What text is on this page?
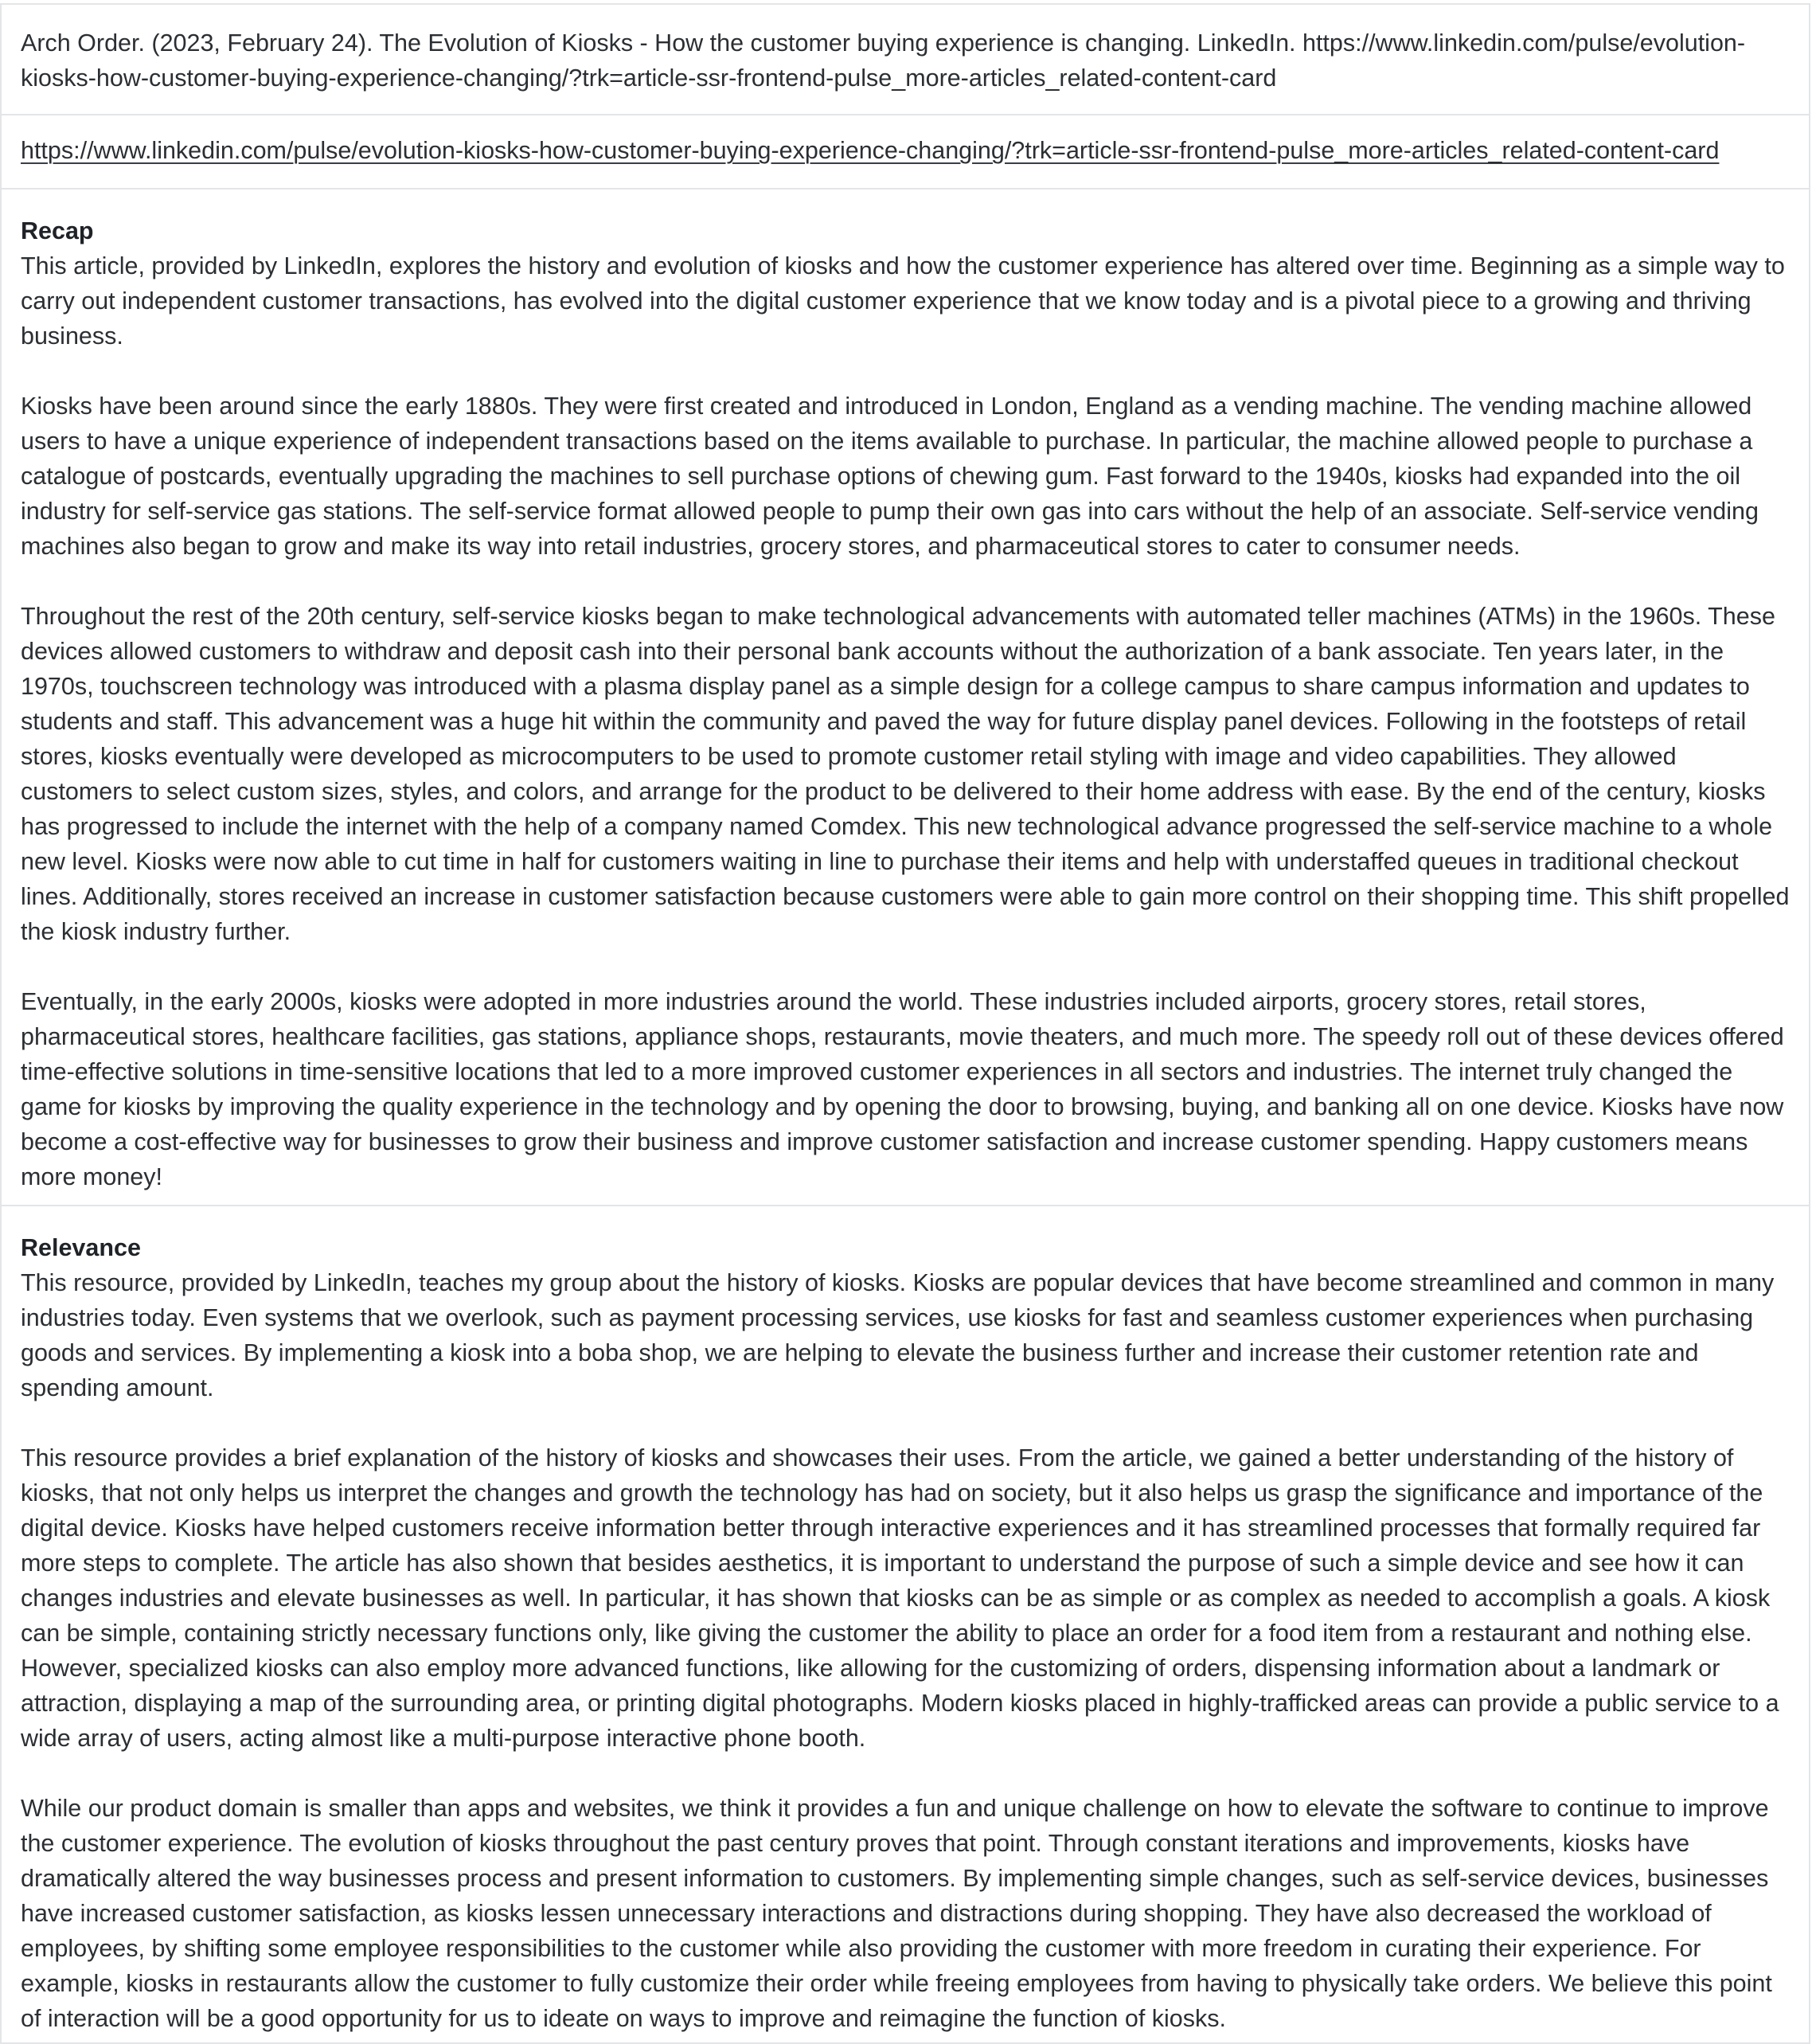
Arch Order. (2023, February 24). The Evolution of Kiosks - How the customer buying experience is changing. LinkedIn. https://www.linkedin.com/pulse/evolution-kiosks-how-customer-buying-experience-changing/?trk=article-ssr-frontend-pulse_more-articles_related-content-card
https://www.linkedin.com/pulse/evolution-kiosks-how-customer-buying-experience-changing/?trk=article-ssr-frontend-pulse_more-articles_related-content-card
Recap

This article, provided by LinkedIn, explores the history and evolution of kiosks and how the customer experience has altered over time. Beginning as a simple way to carry out independent customer transactions, has evolved into the digital customer experience that we know today and is a pivotal piece to a growing and thriving business.

Kiosks have been around since the early 1880s. They were first created and introduced in London, England as a vending machine. The vending machine allowed users to have a unique experience of independent transactions based on the items available to purchase. In particular, the machine allowed people to purchase a catalogue of postcards, eventually upgrading the machines to sell purchase options of chewing gum. Fast forward to the 1940s, kiosks had expanded into the oil industry for self-service gas stations. The self-service format allowed people to pump their own gas into cars without the help of an associate. Self-service vending machines also began to grow and make its way into retail industries, grocery stores, and pharmaceutical stores to cater to consumer needs.

Throughout the rest of the 20th century, self-service kiosks began to make technological advancements with automated teller machines (ATMs) in the 1960s. These devices allowed customers to withdraw and deposit cash into their personal bank accounts without the authorization of a bank associate. Ten years later, in the 1970s, touchscreen technology was introduced with a plasma display panel as a simple design for a college campus to share campus information and updates to students and staff. This advancement was a huge hit within the community and paved the way for future display panel devices. Following in the footsteps of retail stores, kiosks eventually were developed as microcomputers to be used to promote customer retail styling with image and video capabilities. They allowed customers to select custom sizes, styles, and colors, and arrange for the product to be delivered to their home address with ease. By the end of the century, kiosks has progressed to include the internet with the help of a company named Comdex. This new technological advance progressed the self-service machine to a whole new level. Kiosks were now able to cut time in half for customers waiting in line to purchase their items and help with understaffed queues in traditional checkout lines. Additionally, stores received an increase in customer satisfaction because customers were able to gain more control on their shopping time. This shift propelled the kiosk industry further.

Eventually, in the early 2000s, kiosks were adopted in more industries around the world. These industries included airports, grocery stores, retail stores, pharmaceutical stores, healthcare facilities, gas stations, appliance shops, restaurants, movie theaters, and much more. The speedy roll out of these devices offered time-effective solutions in time-sensitive locations that led to a more improved customer experiences in all sectors and industries. The internet truly changed the game for kiosks by improving the quality experience in the technology and by opening the door to browsing, buying, and banking all on one device. Kiosks have now become a cost-effective way for businesses to grow their business and improve customer satisfaction and increase customer spending. Happy customers means more money!

Relevance

This resource, provided by LinkedIn, teaches my group about the history of kiosks. Kiosks are popular devices that have become streamlined and common in many industries today. Even systems that we overlook, such as payment processing services, use kiosks for fast and seamless customer experiences when purchasing goods and services. By implementing a kiosk into a boba shop, we are helping to elevate the business further and increase their customer retention rate and spending amount.

This resource provides a brief explanation of the history of kiosks and showcases their uses. From the article, we gained a better understanding of the history of kiosks, that not only helps us interpret the changes and growth the technology has had on society, but it also helps us grasp the significance and importance of the digital device. Kiosks have helped customers receive information better through interactive experiences and it has streamlined processes that formally required far more steps to complete. The article has also shown that besides aesthetics, it is important to understand the purpose of such a simple device and see how it can changes industries and elevate businesses as well. In particular, it has shown that kiosks can be as simple or as complex as needed to accomplish a goals. A kiosk can be simple, containing strictly necessary functions only, like giving the customer the ability to place an order for a food item from a restaurant and nothing else. However, specialized kiosks can also employ more advanced functions, like allowing for the customizing of orders, dispensing information about a landmark or attraction, displaying a map of the surrounding area, or printing digital photographs. Modern kiosks placed in highly-trafficked areas can provide a public service to a wide array of users, acting almost like a multi-purpose interactive phone booth.

While our product domain is smaller than apps and websites, we think it provides a fun and unique challenge on how to elevate the software to continue to improve the customer experience. The evolution of kiosks throughout the past century proves that point. Through constant iterations and improvements, kiosks have dramatically altered the way businesses process and present information to customers. By implementing simple changes, such as self-service devices, businesses have increased customer satisfaction, as kiosks lessen unnecessary interactions and distractions during shopping. They have also decreased the workload of employees, by shifting some employee responsibilities to the customer while also providing the customer with more freedom in curating their experience. For example, kiosks in restaurants allow the customer to fully customize their order while freeing employees from having to physically take orders. We believe this point of interaction will be a good opportunity for us to ideate on ways to improve and reimagine the function of kiosks.
